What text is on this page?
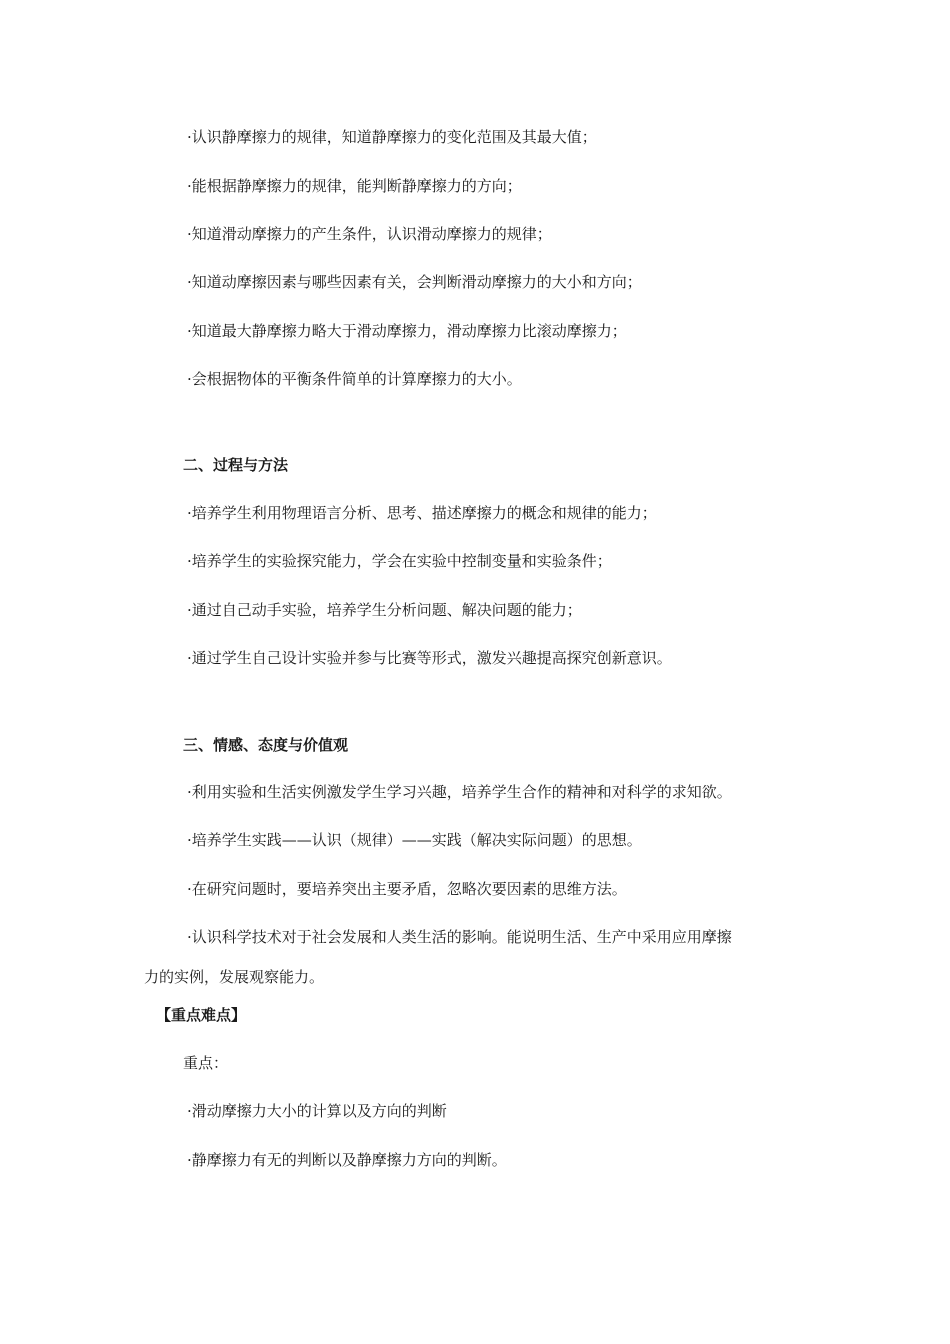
·认识静摩擦力的规律，知道静摩擦力的变化范围及其最大值；

·能根据静摩擦力的规律，能判断静摩擦力的方向；

·知道滑动摩擦力的产生条件，认识滑动摩擦力的规律；

·知道动摩擦因素与哪些因素有关，会判断滑动摩擦力的大小和方向；

·知道最大静摩擦力略大于滑动摩擦力，滑动摩擦力比滚动摩擦力；

·会根据物体的平衡条件简单的计算摩擦力的大小。

二、过程与方法

·培养学生利用物理语言分析、思考、描述摩擦力的概念和规律的能力；

·培养学生的实验探究能力，学会在实验中控制变量和实验条件；

·通过自己动手实验，培养学生分析问题、解决问题的能力；

·通过学生自己设计实验并参与比赛等形式，激发兴趣提高探究创新意识。

三、情感、态度与价值观

·利用实验和生活实例激发学生学习兴趣，培养学生合作的精神和对科学的求知欲。

·培养学生实践——认识（规律）——实践（解决实际问题）的思想。

·在研究问题时，要培养突出主要矛盾，忽略次要因素的思维方法。

·认识科学技术对于社会发展和人类生活的影响。能说明生活、生产中采用应用摩擦

力的实例，发展观察能力。

【重点难点】

重点：

·滑动摩擦力大小的计算以及方向的判断

·静摩擦力有无的判断以及静摩擦力方向的判断。
